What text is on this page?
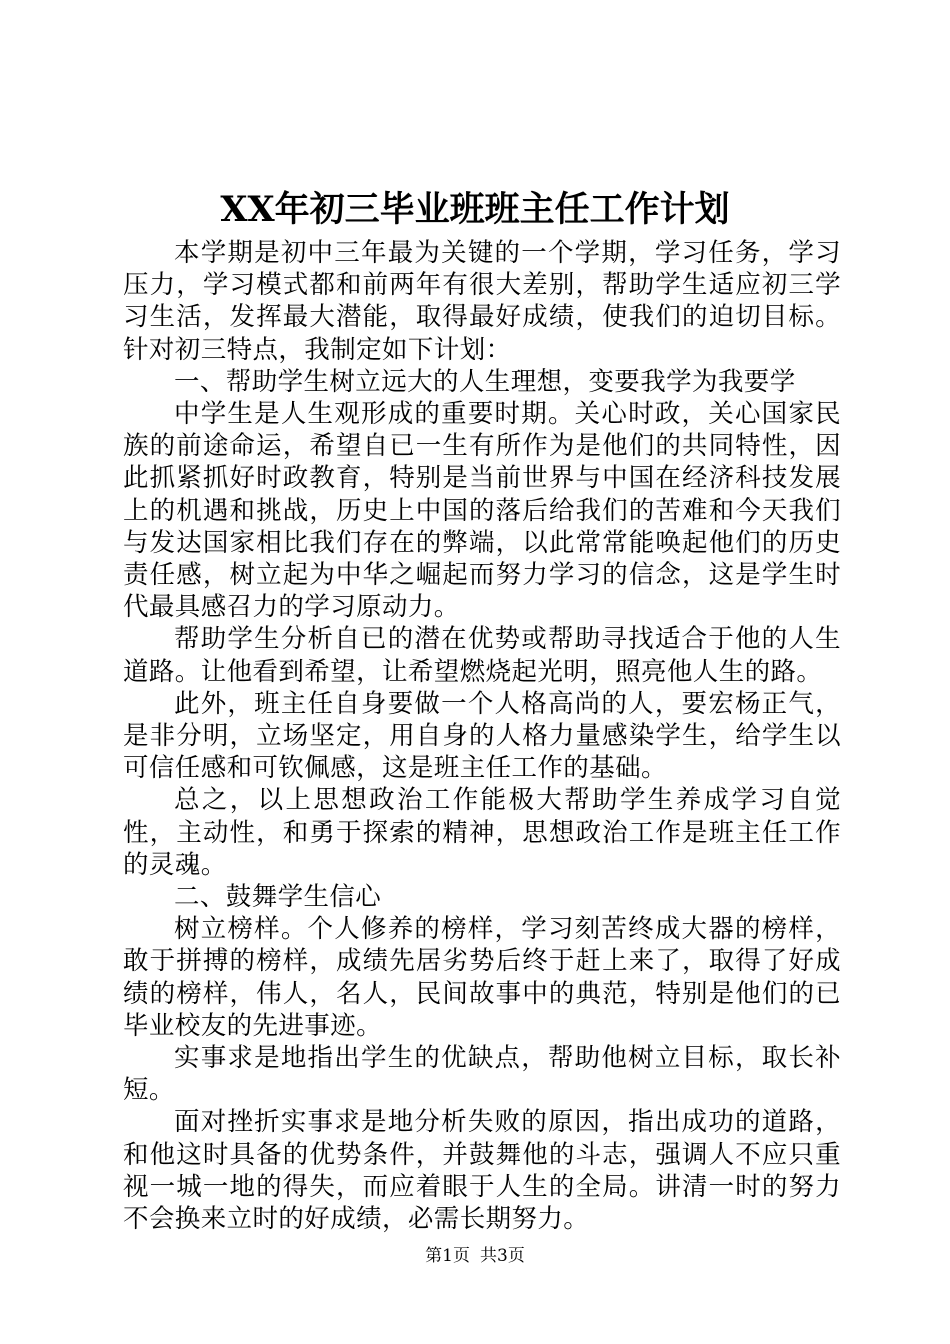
XX年初三毕业班班主任工作计划

本学期是初中三年最为关键的一个学期，学习任务，学习压力，学习模式都和前两年有很大差别，帮助学生适应初三学习生活，发挥最大潜能，取得最好成绩，使我们的迫切目标。针对初三特点，我制定如下计划：

一、帮助学生树立远大的人生理想，变要我学为我要学

中学生是人生观形成的重要时期。关心时政，关心国家民族的前途命运，希望自已一生有所作为是他们的共同特性，因此抓紧抓好时政教育，特别是当前世界与中国在经济科技发展上的机遇和挑战，历史上中国的落后给我们的苦难和今天我们与发达国家相比我们存在的弊端，以此常常能唤起他们的历史责任感，树立起为中华之崛起而努力学习的信念，这是学生时代最具感召力的学习原动力。

帮助学生分析自已的潜在优势或帮助寻找适合于他的人生道路。让他看到希望，让希望燃烧起光明，照亮他人生的路。

此外，班主任自身要做一个人格高尚的人，要宏杨正气，是非分明，立场坚定，用自身的人格力量感染学生，给学生以可信任感和可钦佩感，这是班主任工作的基础。

总之，以上思想政治工作能极大帮助学生养成学习自觉性，主动性，和勇于探索的精神，思想政治工作是班主任工作的灵魂。

二、鼓舞学生信心

树立榜样。个人修养的榜样，学习刻苦终成大器的榜样，敢于拼搏的榜样，成绩先居劣势后终于赶上来了，取得了好成绩的榜样，伟人，名人，民间故事中的典范，特别是他们的已毕业校友的先进事迹。

实事求是地指出学生的优缺点，帮助他树立目标，取长补短。

面对挫折实事求是地分析失败的原因，指出成功的道路，和他这时具备的优势条件，并鼓舞他的斗志，强调人不应只重视一城一地的得失，而应着眼于人生的全局。讲清一时的努力不会换来立时的好成绩，必需长期努力。

第1页 共3页
